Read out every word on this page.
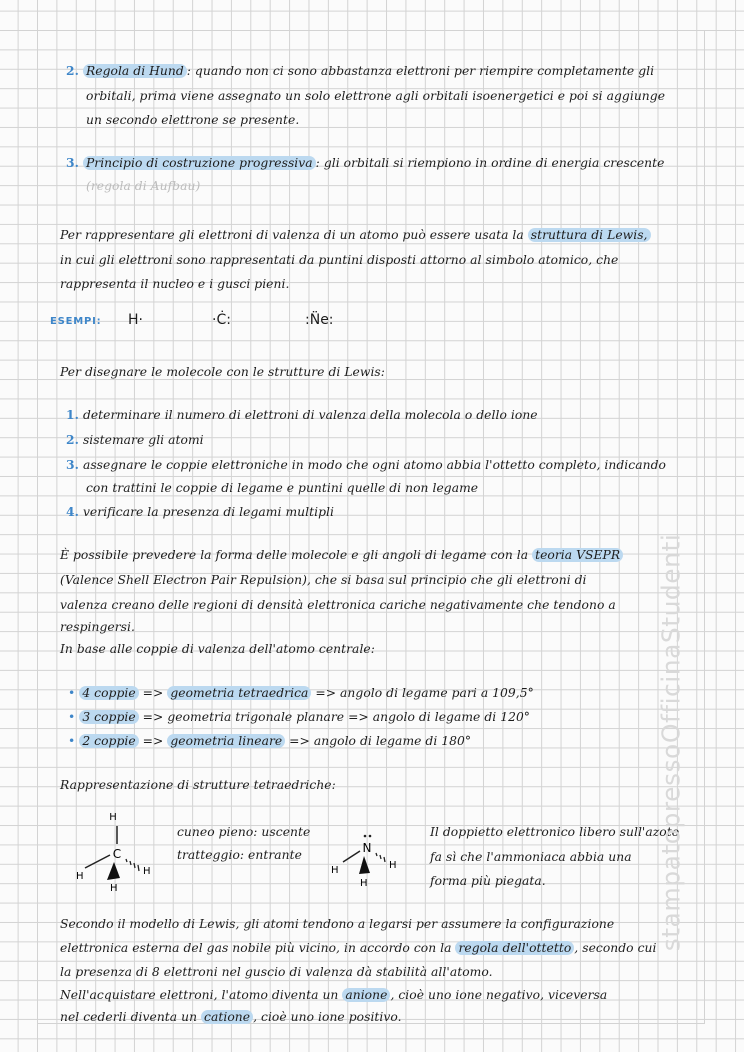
2. Regola di Hund : quando non ci sono abbastanza elettroni per riempire completamente gli
orbitali, prima viene assegnato un solo elettrone agli orbitali isoenergetici e poi si aggiunge
un secondo elettrone se presente.
3. Principio di costruzione progressiva : gli orbitali si riempiono in ordine di energia crescente
(regola di Aufbau)
Per rappresentare gli elettroni di valenza di un atomo può essere usata la struttura di Lewis,
in cui gli elettroni sono rappresentati da puntini disposti attorno al simbolo atomico, che
rappresenta il nucleo e i gusci pieni.
ESEMPI: H·	·Ċ:	:N̈e:
Per disegnare le molecole con le strutture di Lewis:
1. determinare il numero di elettroni di valenza della molecola o dello ione
2. sistemare gli atomi
3. assegnare le coppie elettroniche in modo che ogni atomo abbia l'ottetto completo, indicando
con trattini le coppie di legame e puntini quelle di non legame
4. verificare la presenza di legami multipli
È possibile prevedere la forma delle molecole e gli angoli di legame con la teoria VSEPR
(Valence Shell Electron Pair Repulsion), che si basa sul principio che gli elettroni di
valenza creano delle regioni di densità elettronica cariche negativamente che tendono a
respingersi.
In base alle coppie di valenza dell'atomo centrale:
• 4 coppie => geometria tetraedrica => angolo di legame pari a 109,5°
• 3 coppie => geometria trigonale planare => angolo di legame di 120°
• 2 coppie => geometria lineare => angolo di legame di 180°
Rappresentazione di strutture tetraedriche:
H
C
H
H
H
cuneo pieno: uscente
tratteggio: entrante	N
H
H
H
Il doppietto elettronico libero sull'azoto
fa sì che l'ammoniaca abbia una
forma più piegata.
Secondo il modello di Lewis, gli atomi tendono a legarsi per assumere la configurazione
elettronica esterna del gas nobile più vicino, in accordo con la regola dell'ottetto , secondo cui
la presenza di 8 elettroni nel guscio di valenza dà stabilità all'atomo.
Nell'acquistare elettroni, l'atomo diventa un anione , cioè uno ione negativo, viceversa
nel cederli diventa un catione , cioè uno ione positivo.
stampatopressoOfficinaStudenti
